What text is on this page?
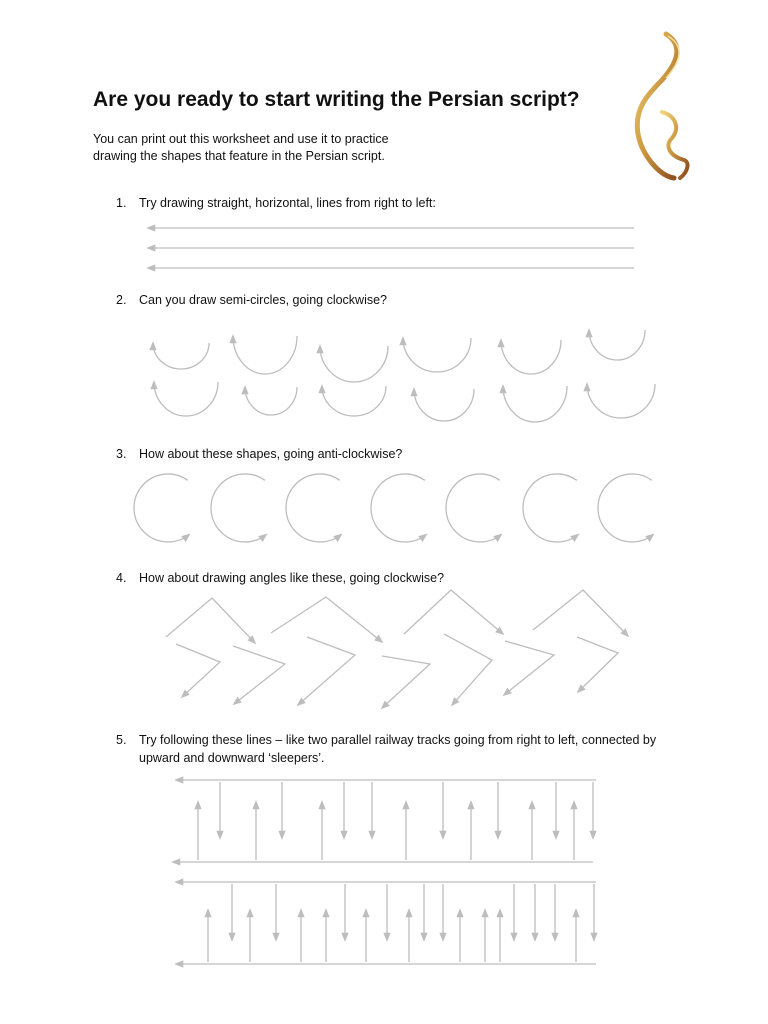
Are you ready to start writing the Persian script?

You can print out this worksheet and use it to practice
drawing the shapes that feature in the Persian script.

1. Try drawing straight, horizontal, lines from right to left:
2. Can you draw semi-circles, going clockwise?
3. How about these shapes, going anti-clockwise?
4. How about drawing angles like these, going clockwise?
5. Try following these lines – like two parallel railway tracks going from right to left, connected by upward and downward ‘sleepers’.
